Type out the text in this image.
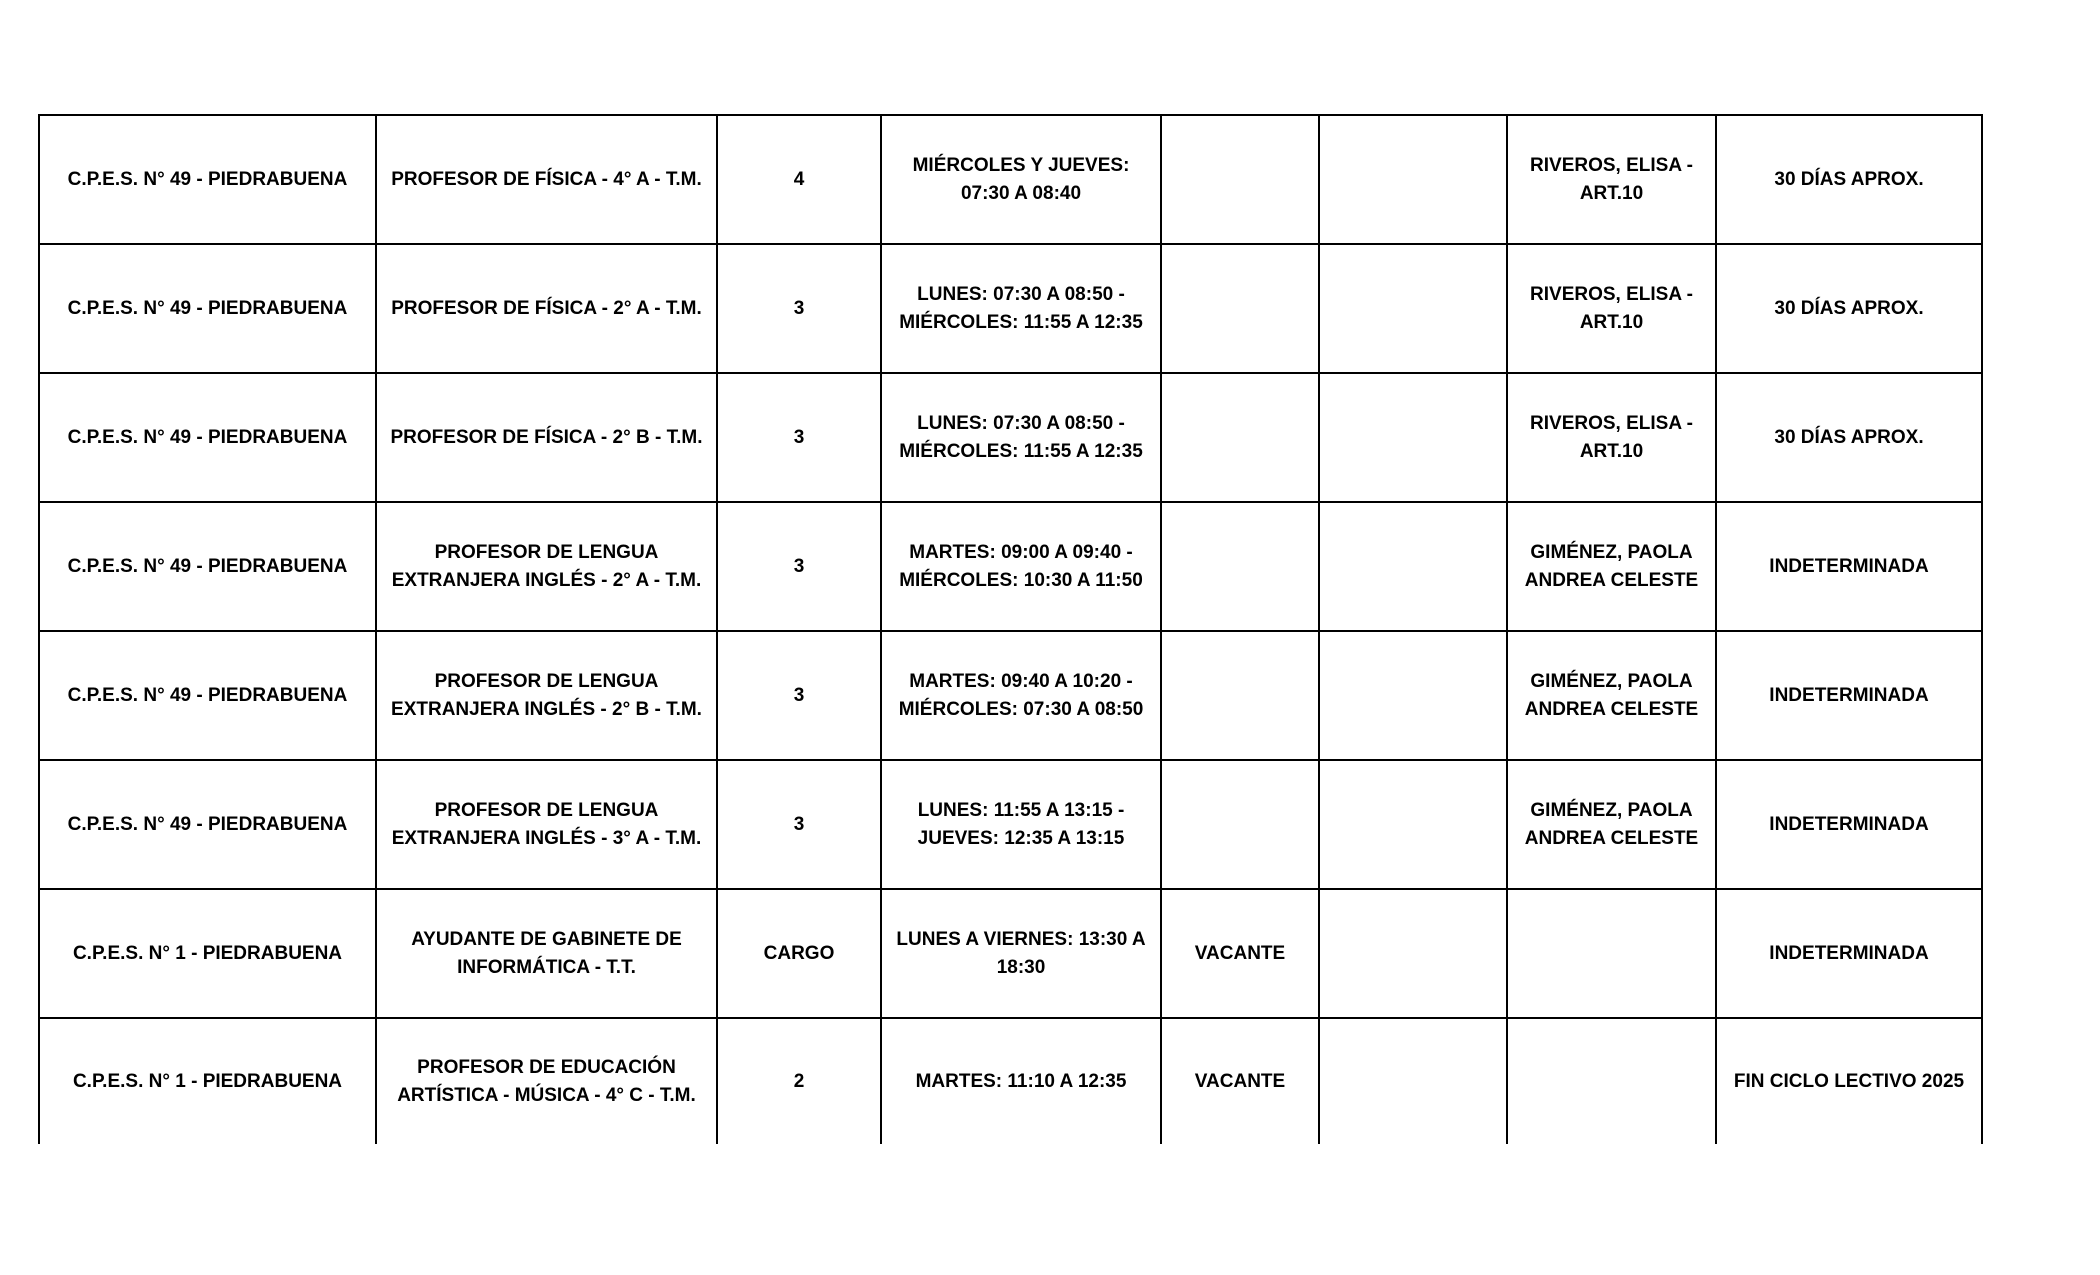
C.P.E.S. N° 49 - PIEDRABUENA	PROFESOR DE FÍSICA - 4° A - T.M.	4	MIÉRCOLES Y JUEVES: 07:30 A 08:40			RIVEROS, ELISA - ART.10	30 DÍAS APROX.
C.P.E.S. N° 49 - PIEDRABUENA	PROFESOR DE FÍSICA - 2° A - T.M.	3	LUNES: 07:30 A 08:50 - MIÉRCOLES: 11:55 A 12:35			RIVEROS, ELISA - ART.10	30 DÍAS APROX.
C.P.E.S. N° 49 - PIEDRABUENA	PROFESOR DE FÍSICA - 2° B - T.M.	3	LUNES: 07:30 A 08:50 - MIÉRCOLES: 11:55 A 12:35			RIVEROS, ELISA - ART.10	30 DÍAS APROX.
C.P.E.S. N° 49 - PIEDRABUENA	PROFESOR DE LENGUA EXTRANJERA INGLÉS - 2° A - T.M.	3	MARTES: 09:00 A 09:40 - MIÉRCOLES: 10:30 A 11:50			GIMÉNEZ, PAOLA ANDREA CELESTE	INDETERMINADA
C.P.E.S. N° 49 - PIEDRABUENA	PROFESOR DE LENGUA EXTRANJERA INGLÉS - 2° B - T.M.	3	MARTES: 09:40 A 10:20 - MIÉRCOLES: 07:30 A 08:50			GIMÉNEZ, PAOLA ANDREA CELESTE	INDETERMINADA
C.P.E.S. N° 49 - PIEDRABUENA	PROFESOR DE LENGUA EXTRANJERA INGLÉS - 3° A - T.M.	3	LUNES: 11:55 A 13:15 - JUEVES: 12:35 A 13:15			GIMÉNEZ, PAOLA ANDREA CELESTE	INDETERMINADA
C.P.E.S. N° 1 - PIEDRABUENA	AYUDANTE DE GABINETE DE INFORMÁTICA - T.T.	CARGO	LUNES A VIERNES: 13:30 A 18:30	VACANTE			INDETERMINADA
C.P.E.S. N° 1 - PIEDRABUENA	PROFESOR DE EDUCACIÓN ARTÍSTICA - MÚSICA - 4° C - T.M.	2	MARTES: 11:10 A 12:35	VACANTE			FIN CICLO LECTIVO 2025
